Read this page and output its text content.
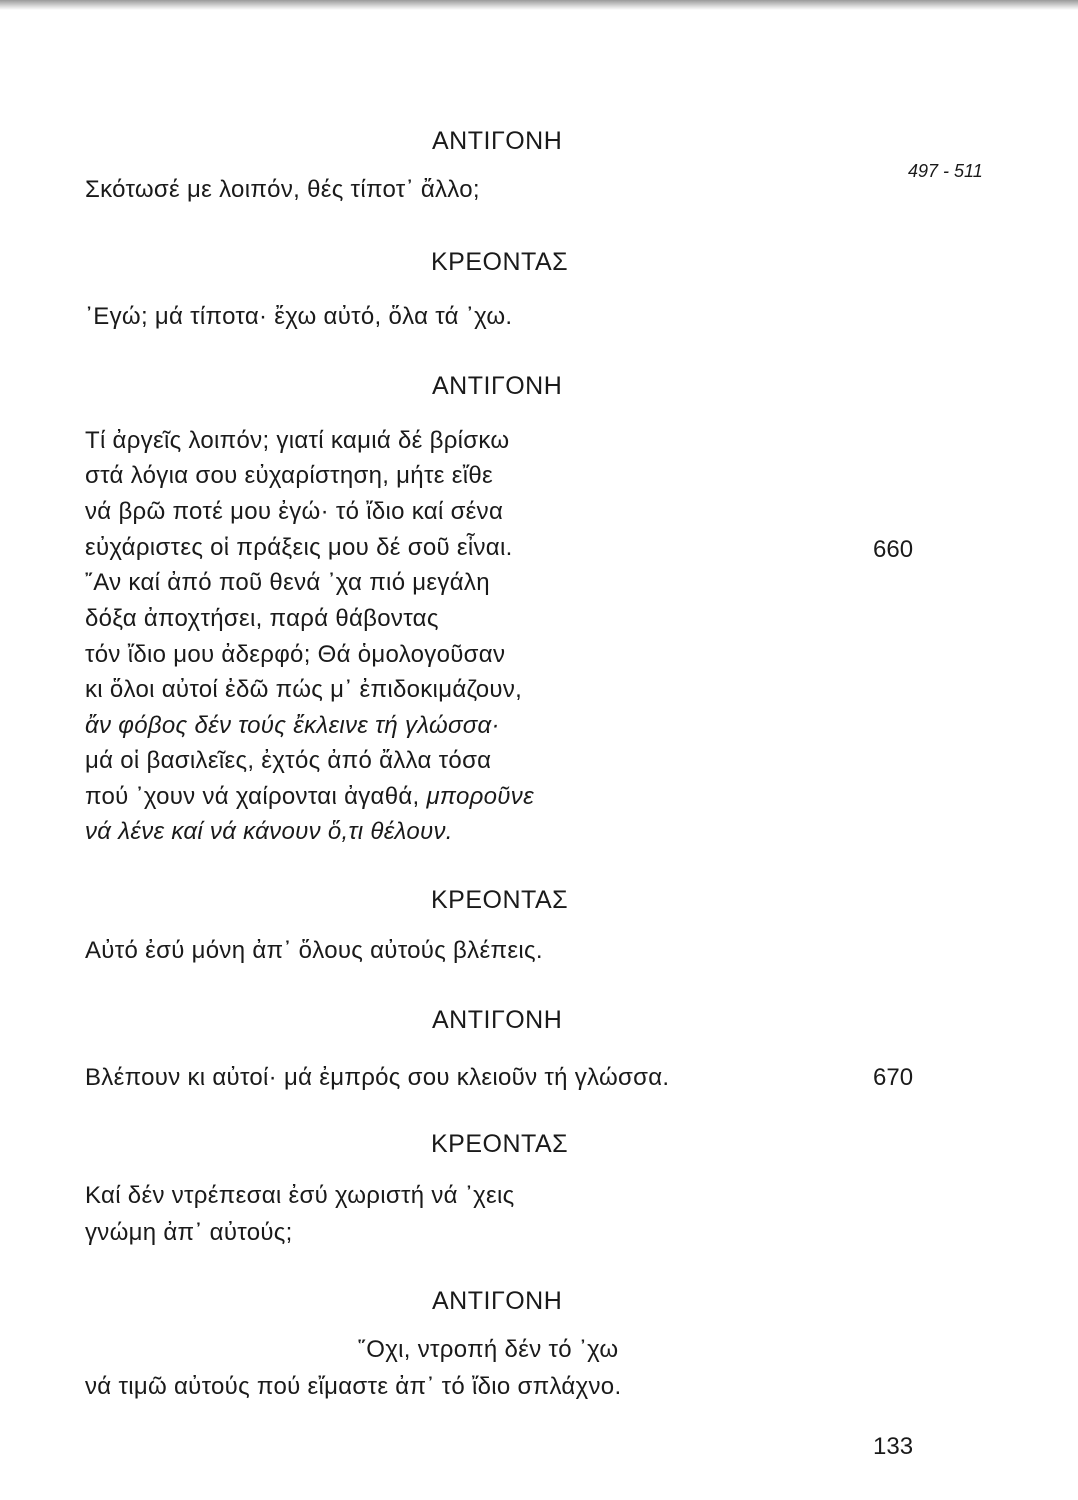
497 - 511
ΑΝΤΙΓΟΝΗ
Σκότωσέ με λοιπόν, θές τίποτ᾽ ἄλλο;
ΚΡΕΟΝΤΑΣ
᾽Εγώ; μά τίποτα· ἔχω αὐτό, ὅλα τά ᾽χω.
ΑΝΤΙΓΟΝΗ
Τί ἀργεῖς λοιπόν; γιατί καμιά δέ βρίσκω
στά λόγια σου εὐχαρίστηση, μήτε εἴθε
νά βρῶ ποτέ μου ἐγώ· τό ἴδιο καί σένα
εὐχάριστες οἱ πράξεις μου δέ σοῦ εἶναι.	660
῎Αν καί ἀπό ποῦ θενά ᾽χα πιό μεγάλη
δόξα ἀποχτήσει, παρά θάβοντας
τόν ἴδιο μου ἀδερφό; Θά ὁμολογοῦσαν
κι ὅλοι αὐτοί ἐδῶ πώς μ᾽ ἐπιδοκιμάζουν,
ἄν φόβος δέν τούς ἔκλεινε τή γλώσσα·
μά οἱ βασιλεῖες, ἐχτός ἀπό ἄλλα τόσα
πού ᾽χουν νά χαίρονται ἀγαθά, μποροῦνε
νά λένε καί νά κάνουν ὅ,τι θέλουν.
ΚΡΕΟΝΤΑΣ
Αὐτό ἐσύ μόνη ἀπ᾽ ὅλους αὐτούς βλέπεις.
ΑΝΤΙΓΟΝΗ
Βλέπουν κι αὐτοί· μά ἐμπρός σου κλειοῦν τή γλώσσα.	670
ΚΡΕΟΝΤΑΣ
Καί δέν ντρέπεσαι ἐσύ χωριστή νά ᾽χεις
γνώμη ἀπ᾽ αὐτούς;
ΑΝΤΙΓΟΝΗ
῞Οχι, ντροπή δέν τό ᾽χω
νά τιμῶ αὐτούς πού εἴμαστε ἀπ᾽ τό ἴδιο σπλάχνο.
133
